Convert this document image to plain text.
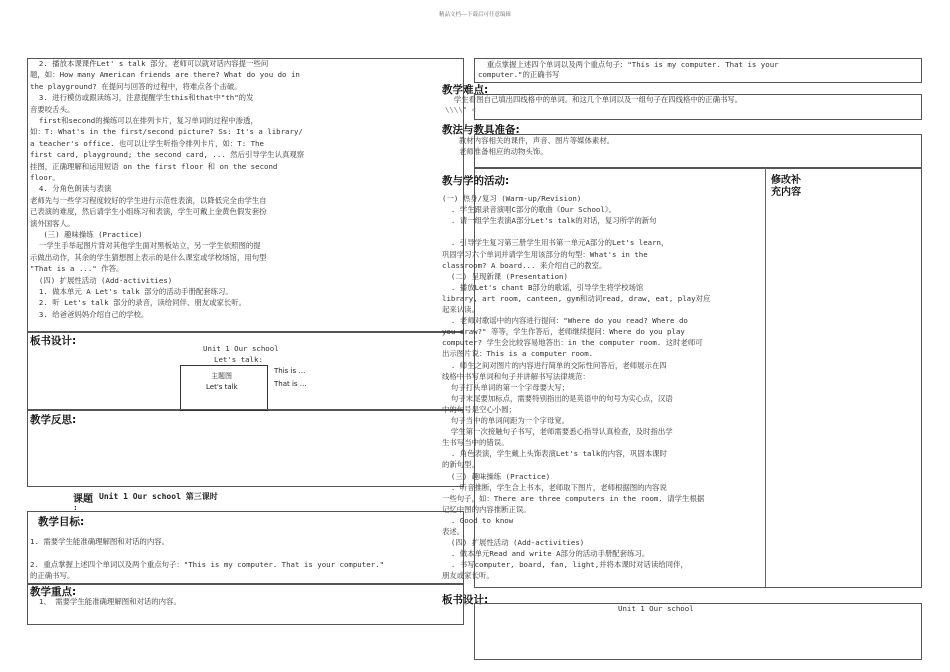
精品文档---下载后可任意编辑
2. 播放本课课件Let' s talk 部分。老师可以就对话内容提一些问
题，如：How many American friends are there? What do you do in
the playground? 在提问与回答的过程中，将难点各个击破。
3. 进行模仿或跟读练习，注意提醒学生this和that中"th"的发
音要咬舌头。
first和second的操练可以在排列卡片，复习单词的过程中渗透，
如：T: What's in the first/second picture? Ss: It's a library/
a teacher's office. 也可以让学生听指令排列卡片，如：T: The
first card, playground; the second card, ... 然后引导学生认真观察
挂图，正确理解和运用短语 on the first floor 和 on the second
floor。
4. 分角色朗读与表演
老师先与一些学习程度较好的学生进行示范性表演，以降低完全由学生自
己表演的难度，然后请学生小组练习和表演，学生可戴上金黄色假发套扮
演外国客人。
(三) 趣味操练 (Practice)
一学生手举起图片背对其他学生面对黑板站立，另一学生依照图的提
示做出动作，其余的学生猜想图上表示的是什么课室或学校场馆，用句型
"That is a ..." 作答。
(四) 扩展性活动 (Add-activities)
1. 做本单元 A Let's talk 部分的活动手册配套练习。
2. 听 Let's talk 部分的录音，读给同伴、朋友或家长听。
3. 给爸爸妈妈介绍自己的学校。
板书设计:
Unit 1 Our school
Let's talk:
主题图
Let's talk
This is …
That is …
教学反思:
课题 Unit 1 Our school 第三课时
:
教学目标:
1. 需要学生能准确理解图和对话的内容。
2. 重点掌握上述四个单词以及两个重点句子："This is my computer. That is your computer."
的正确书写。
教学重点:
1、 需要学生能准确理解图和对话的内容。
重点掌握上述四个单词以及两个重点句子："This is my computer. That is your
computer."的正确书写
教学难点:
学生看图自己填出四线格中的单词。和这几个单词以及一组句子在四线格中的正确书写。
\\\\" «
教法与教具准备:
教材内容相关的课件，声音、图片等媒体素材。
老师准备相应的动物头饰。
教与学的活动:	修改补
充内容
(一) 热身/复习 (Warm-up/Revision)
. 学生跟录音演唱C部分的歌曲《Our School》。
. 请一组学生表演A部分Let's talk的对话，复习所学的新句
. 引导学生复习第三册学生用书第一单元A部分的Let's learn，
巩固学习六个单词并请学生用该部分的句型：What's in the
classroom? A board... 来介绍自己的教室。
(二) 呈现新课 (Presentation)
. 播放Let's chant B部分的歌谣，引导学生将学校场馆
library, art room, canteen, gym和动词read, draw, eat, play对应
起来认读。
. 老师对歌谣中的内容进行提问："Where do you read? Where do
you draw?" 等等，学生作答后，老师继续提问：Where do you play
computer? 学生会比较容易地答出：in the computer room. 这时老师可
出示图片说：This is a computer room.
. 师生之间对图片的内容进行简单的交际性问答后，老师展示在四
线格中书写单词和句子并讲解书写法律规范：
句子打头单词的第一个字母要大写；
句子末尾要加标点，需要特别指出的是英语中的句号为实心点，汉语
中的句号是空心小圆；
句子当中的单词间距为一个字母宽。
学生第一次接触句子书写，老师需要悉心指导认真检查，及时指出学
生书写当中的错误。
. 角色表演，学生戴上头饰表演Let's talk的内容，巩固本课时
的新句型。
(三) 趣味操练 (Practice)
. 听音推断，学生合上书本，老师取下图片，老师根据图的内容说
一些句子，如：There are three computers in the room. 请学生根据
记忆中图的内容推断正误。
. Good to know
表述。
(四) 扩展性活动 (Add-activities)
. 做本单元Read and write A部分的活动手册配套练习。
. 书写computer, board, fan, light,并将本课时对话读给同伴，
朋友或家长听。
板书设计:
Unit 1 Our school
